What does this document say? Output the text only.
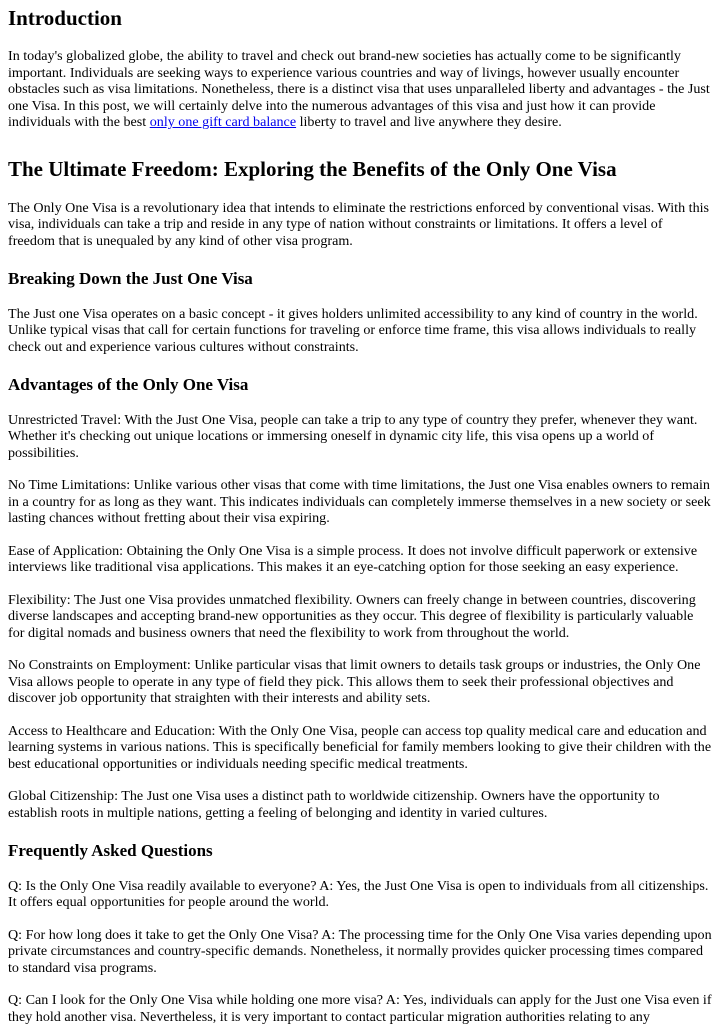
Introduction

In today's globalized globe, the ability to travel and check out brand-new societies has actually come to be significantly important. Individuals are seeking ways to experience various countries and way of livings, however usually encounter obstacles such as visa limitations. Nonetheless, there is a distinct visa that uses unparalleled liberty and advantages - the Just one Visa. In this post, we will certainly delve into the numerous advantages of this visa and just how it can provide individuals with the best only one gift card balance liberty to travel and live anywhere they desire.

The Ultimate Freedom: Exploring the Benefits of the Only One Visa

The Only One Visa is a revolutionary idea that intends to eliminate the restrictions enforced by conventional visas. With this visa, individuals can take a trip and reside in any type of nation without constraints or limitations. It offers a level of freedom that is unequaled by any kind of other visa program.

Breaking Down the Just One Visa

The Just one Visa operates on a basic concept - it gives holders unlimited accessibility to any kind of country in the world. Unlike typical visas that call for certain functions for traveling or enforce time frame, this visa allows individuals to really check out and experience various cultures without constraints.

Advantages of the Only One Visa

Unrestricted Travel: With the Just One Visa, people can take a trip to any type of country they prefer, whenever they want. Whether it's checking out unique locations or immersing oneself in dynamic city life, this visa opens up a world of possibilities.

No Time Limitations: Unlike various other visas that come with time limitations, the Just one Visa enables owners to remain in a country for as long as they want. This indicates individuals can completely immerse themselves in a new society or seek lasting chances without fretting about their visa expiring.

Ease of Application: Obtaining the Only One Visa is a simple process. It does not involve difficult paperwork or extensive interviews like traditional visa applications. This makes it an eye-catching option for those seeking an easy experience.

Flexibility: The Just one Visa provides unmatched flexibility. Owners can freely change in between countries, discovering diverse landscapes and accepting brand-new opportunities as they occur. This degree of flexibility is particularly valuable for digital nomads and business owners that need the flexibility to work from throughout the world.

No Constraints on Employment: Unlike particular visas that limit owners to details task groups or industries, the Only One Visa allows people to operate in any type of field they pick. This allows them to seek their professional objectives and discover job opportunity that straighten with their interests and ability sets.

Access to Healthcare and Education: With the Only One Visa, people can access top quality medical care and education and learning systems in various nations. This is specifically beneficial for family members looking to give their children with the best educational opportunities or individuals needing specific medical treatments.

Global Citizenship: The Just one Visa uses a distinct path to worldwide citizenship. Owners have the opportunity to establish roots in multiple nations, getting a feeling of belonging and identity in varied cultures.

Frequently Asked Questions

Q: Is the Only One Visa readily available to everyone? A: Yes, the Just One Visa is open to individuals from all citizenships. It offers equal opportunities for people around the world.

Q: For how long does it take to get the Only One Visa? A: The processing time for the Only One Visa varies depending upon private circumstances and country-specific demands. Nonetheless, it normally provides quicker processing times compared to standard visa programs.

Q: Can I look for the Only One Visa while holding one more visa? A: Yes, individuals can apply for the Just one Visa even if they hold another visa. Nevertheless, it is very important to contact particular migration authorities relating to any
